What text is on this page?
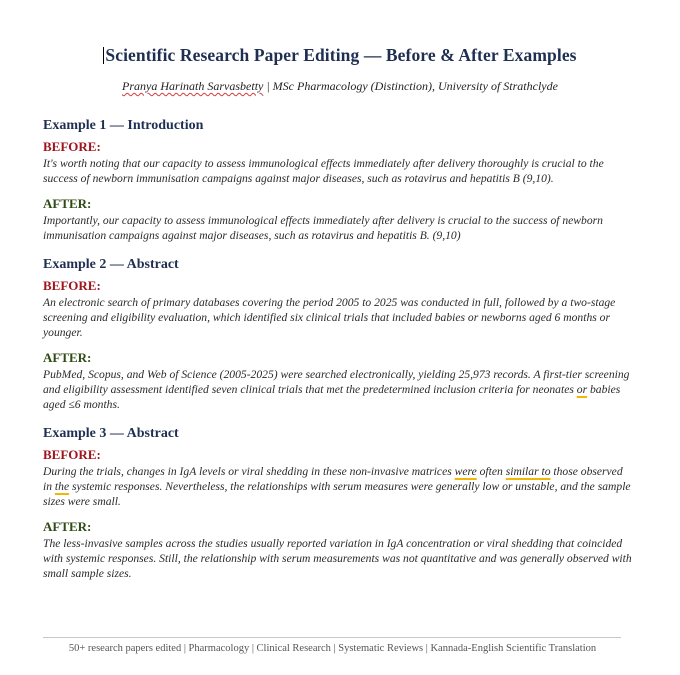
Scientific Research Paper Editing — Before & After Examples
Pranya Harinath Sarvasbetty | MSc Pharmacology (Distinction), University of Strathclyde

Example 1 — Introduction

BEFORE:

It's worth noting that our capacity to assess immunological effects immediately after delivery thoroughly is crucial to the success of newborn immunisation campaigns against major diseases, such as rotavirus and hepatitis B (9,10).

AFTER:

Importantly, our capacity to assess immunological effects immediately after delivery is crucial to the success of newborn immunisation campaigns against major diseases, such as rotavirus and hepatitis B. (9,10)

Example 2 — Abstract

BEFORE:

An electronic search of primary databases covering the period 2005 to 2025 was conducted in full, followed by a two-stage screening and eligibility evaluation, which identified six clinical trials that included babies or newborns aged 6 months or younger.

AFTER:

PubMed, Scopus, and Web of Science (2005-2025) were searched electronically, yielding 25,973 records. A first-tier screening and eligibility assessment identified seven clinical trials that met the predetermined inclusion criteria for neonates or babies aged ≤6 months.

Example 3 — Abstract

BEFORE:

During the trials, changes in IgA levels or viral shedding in these non-invasive matrices were often similar to those observed in the systemic responses. Nevertheless, the relationships with serum measures were generally low or unstable, and the sample sizes were small.

AFTER:

The less-invasive samples across the studies usually reported variation in IgA concentration or viral shedding that coincided with systemic responses. Still, the relationship with serum measurements was not quantitative and was generally observed with small sample sizes.

50+ research papers edited | Pharmacology | Clinical Research | Systematic Reviews | Kannada-English Scientific Translation
